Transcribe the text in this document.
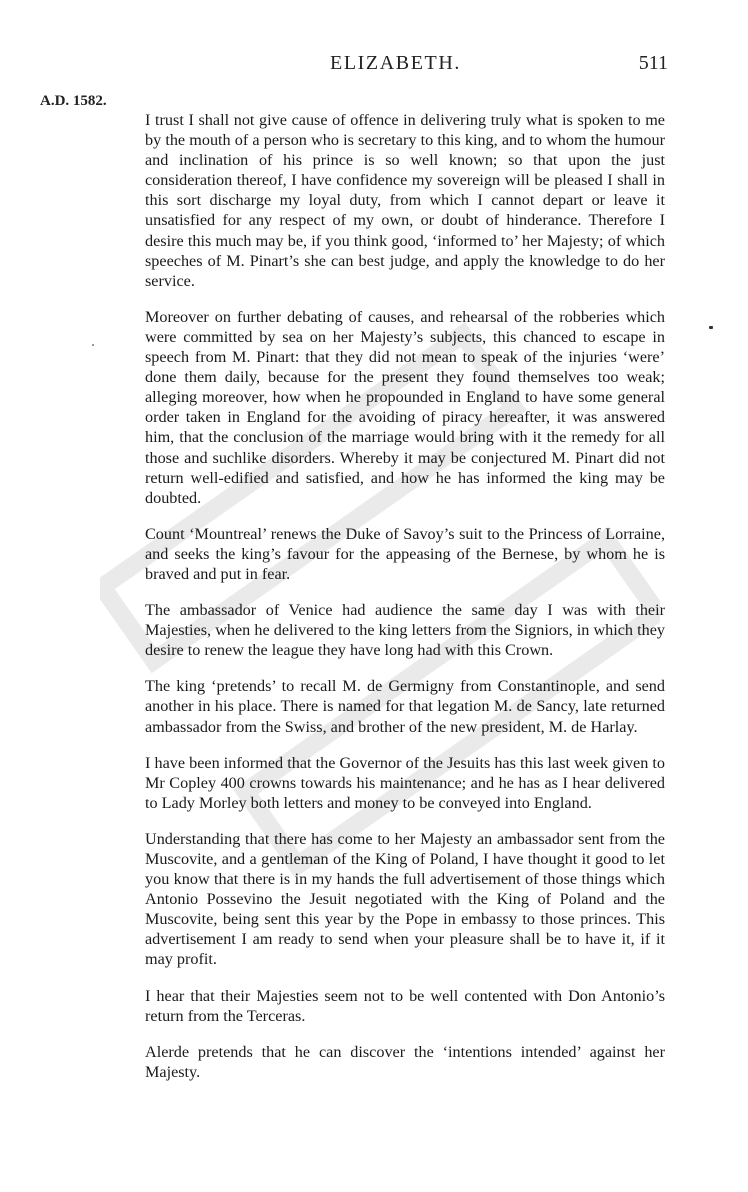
ELIZABETH.	511
A.D. 1582.

I trust I shall not give cause of offence in delivering truly what is spoken to me by the mouth of a person who is secretary to this king, and to whom the humour and inclination of his prince is so well known; so that upon the just consideration thereof, I have confidence my sovereign will be pleased I shall in this sort discharge my loyal duty, from which I cannot depart or leave it unsatisfied for any respect of my own, or doubt of hinderance. Therefore I desire this much may be, if you think good, ‘informed to’ her Majesty; of which speeches of M. Pinart’s she can best judge, and apply the knowledge to do her service.

Moreover on further debating of causes, and rehearsal of the robberies which were committed by sea on her Majesty’s subjects, this chanced to escape in speech from M. Pinart: that they did not mean to speak of the injuries ‘were’ done them daily, because for the present they found themselves too weak; alleging moreover, how when he propounded in England to have some general order taken in England for the avoiding of piracy hereafter, it was answered him, that the conclusion of the marriage would bring with it the remedy for all those and suchlike disorders. Whereby it may be conjectured M. Pinart did not return well-edified and satisfied, and how he has informed the king may be doubted.

Count ‘Mountreal’ renews the Duke of Savoy’s suit to the Princess of Lorraine, and seeks the king’s favour for the appeasing of the Bernese, by whom he is braved and put in fear.

The ambassador of Venice had audience the same day I was with their Majesties, when he delivered to the king letters from the Signiors, in which they desire to renew the league they have long had with this Crown.

The king ‘pretends’ to recall M. de Germigny from Constantinople, and send another in his place. There is named for that legation M. de Sancy, late returned ambassador from the Swiss, and brother of the new president, M. de Harlay.

I have been informed that the Governor of the Jesuits has this last week given to Mr Copley 400 crowns towards his maintenance; and he has as I hear delivered to Lady Morley both letters and money to be conveyed into England.

Understanding that there has come to her Majesty an ambassador sent from the Muscovite, and a gentleman of the King of Poland, I have thought it good to let you know that there is in my hands the full advertisement of those things which Antonio Possevino the Jesuit negotiated with the King of Poland and the Muscovite, being sent this year by the Pope in embassy to those princes. This advertisement I am ready to send when your pleasure shall be to have it, if it may profit.

I hear that their Majesties seem not to be well contented with Don Antonio’s return from the Terceras.

Alerde pretends that he can discover the ‘intentions intended’ against her Majesty.
